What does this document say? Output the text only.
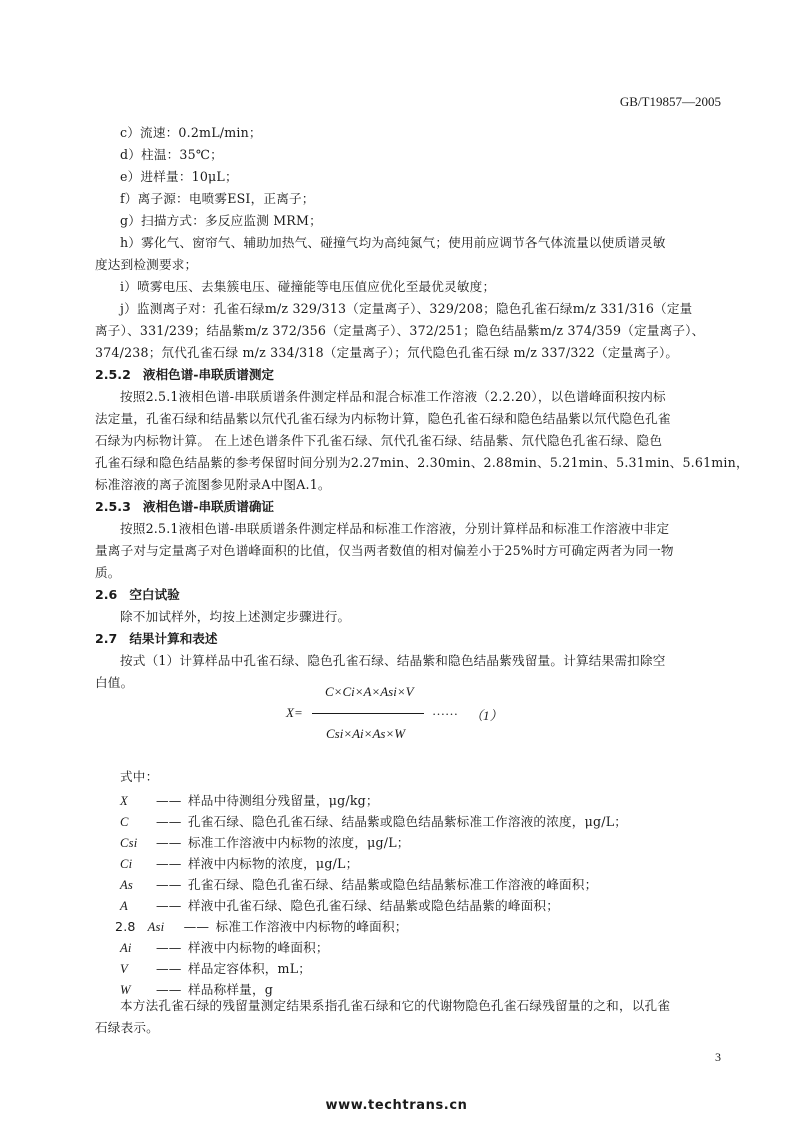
GB/T19857—2005
c）流速：0.2mL/min；
d）柱温：35℃；
e）进样量：10μL；
f）离子源：电喷雾ESI，正离子；
g）扫描方式：多反应监测 MRM；
h）雾化气、窗帘气、辅助加热气、碰撞气均为高纯氮气；使用前应调节各气体流量以使质谱灵敏
度达到检测要求；
i）喷雾电压、去集簇电压、碰撞能等电压值应优化至最优灵敏度；
j）监测离子对：孔雀石绿m/z 329/313（定量离子）、329/208；隐色孔雀石绿m/z 331/316（定量
离子）、331/239；结晶紫m/z 372/356（定量离子）、372/251；隐色结晶紫m/z 374/359（定量离子）、
374/238；氘代孔雀石绿 m/z 334/318（定量离子）；氘代隐色孔雀石绿 m/z 337/322（定量离子）。
2.5.2 液相色谱-串联质谱测定
按照2.5.1液相色谱-串联质谱条件测定样品和混合标准工作溶液（2.2.20），以色谱峰面积按内标
法定量，孔雀石绿和结晶紫以氘代孔雀石绿为内标物计算，隐色孔雀石绿和隐色结晶紫以氘代隐色孔雀
石绿为内标物计算。 在上述色谱条件下孔雀石绿、氘代孔雀石绿、结晶紫、氘代隐色孔雀石绿、隐色
孔雀石绿和隐色结晶紫的参考保留时间分别为2.27min、2.30min、2.88min、5.21min、5.31min、5.61min，
标准溶液的离子流图参见附录A中图A.1。
2.5.3 液相色谱-串联质谱确证
按照2.5.1液相色谱-串联质谱条件测定样品和标准工作溶液，分别计算样品和标准工作溶液中非定
量离子对与定量离子对色谱峰面积的比值，仅当两者数值的相对偏差小于25%时方可确定两者为同一物
质。
2.6 空白试验
除不加试样外，均按上述测定步骤进行。
2.7 结果计算和表述
按式（1）计算样品中孔雀石绿、隐色孔雀石绿、结晶紫和隐色结晶紫残留量。计算结果需扣除空
白值。
C×Ci×A×Asi×V
X=	…… （1）
Csi×Ai×As×W
式中：
X —— 样品中待测组分残留量，μg/kg；
C —— 孔雀石绿、隐色孔雀石绿、结晶紫或隐色结晶紫标准工作溶液的浓度，μg/L；
Csi —— 标准工作溶液中内标物的浓度，μg/L；
Ci —— 样液中内标物的浓度，μg/L；
As —— 孔雀石绿、隐色孔雀石绿、结晶紫或隐色结晶紫标准工作溶液的峰面积；
A —— 样液中孔雀石绿、隐色孔雀石绿、结晶紫或隐色结晶紫的峰面积；
2.8 Asi —— 标准工作溶液中内标物的峰面积；
Ai —— 样液中内标物的峰面积；
V —— 样品定容体积，mL；
W —— 样品称样量，g
本方法孔雀石绿的残留量测定结果系指孔雀石绿和它的代谢物隐色孔雀石绿残留量的之和，以孔雀
石绿表示。
3
www.techtrans.cn
